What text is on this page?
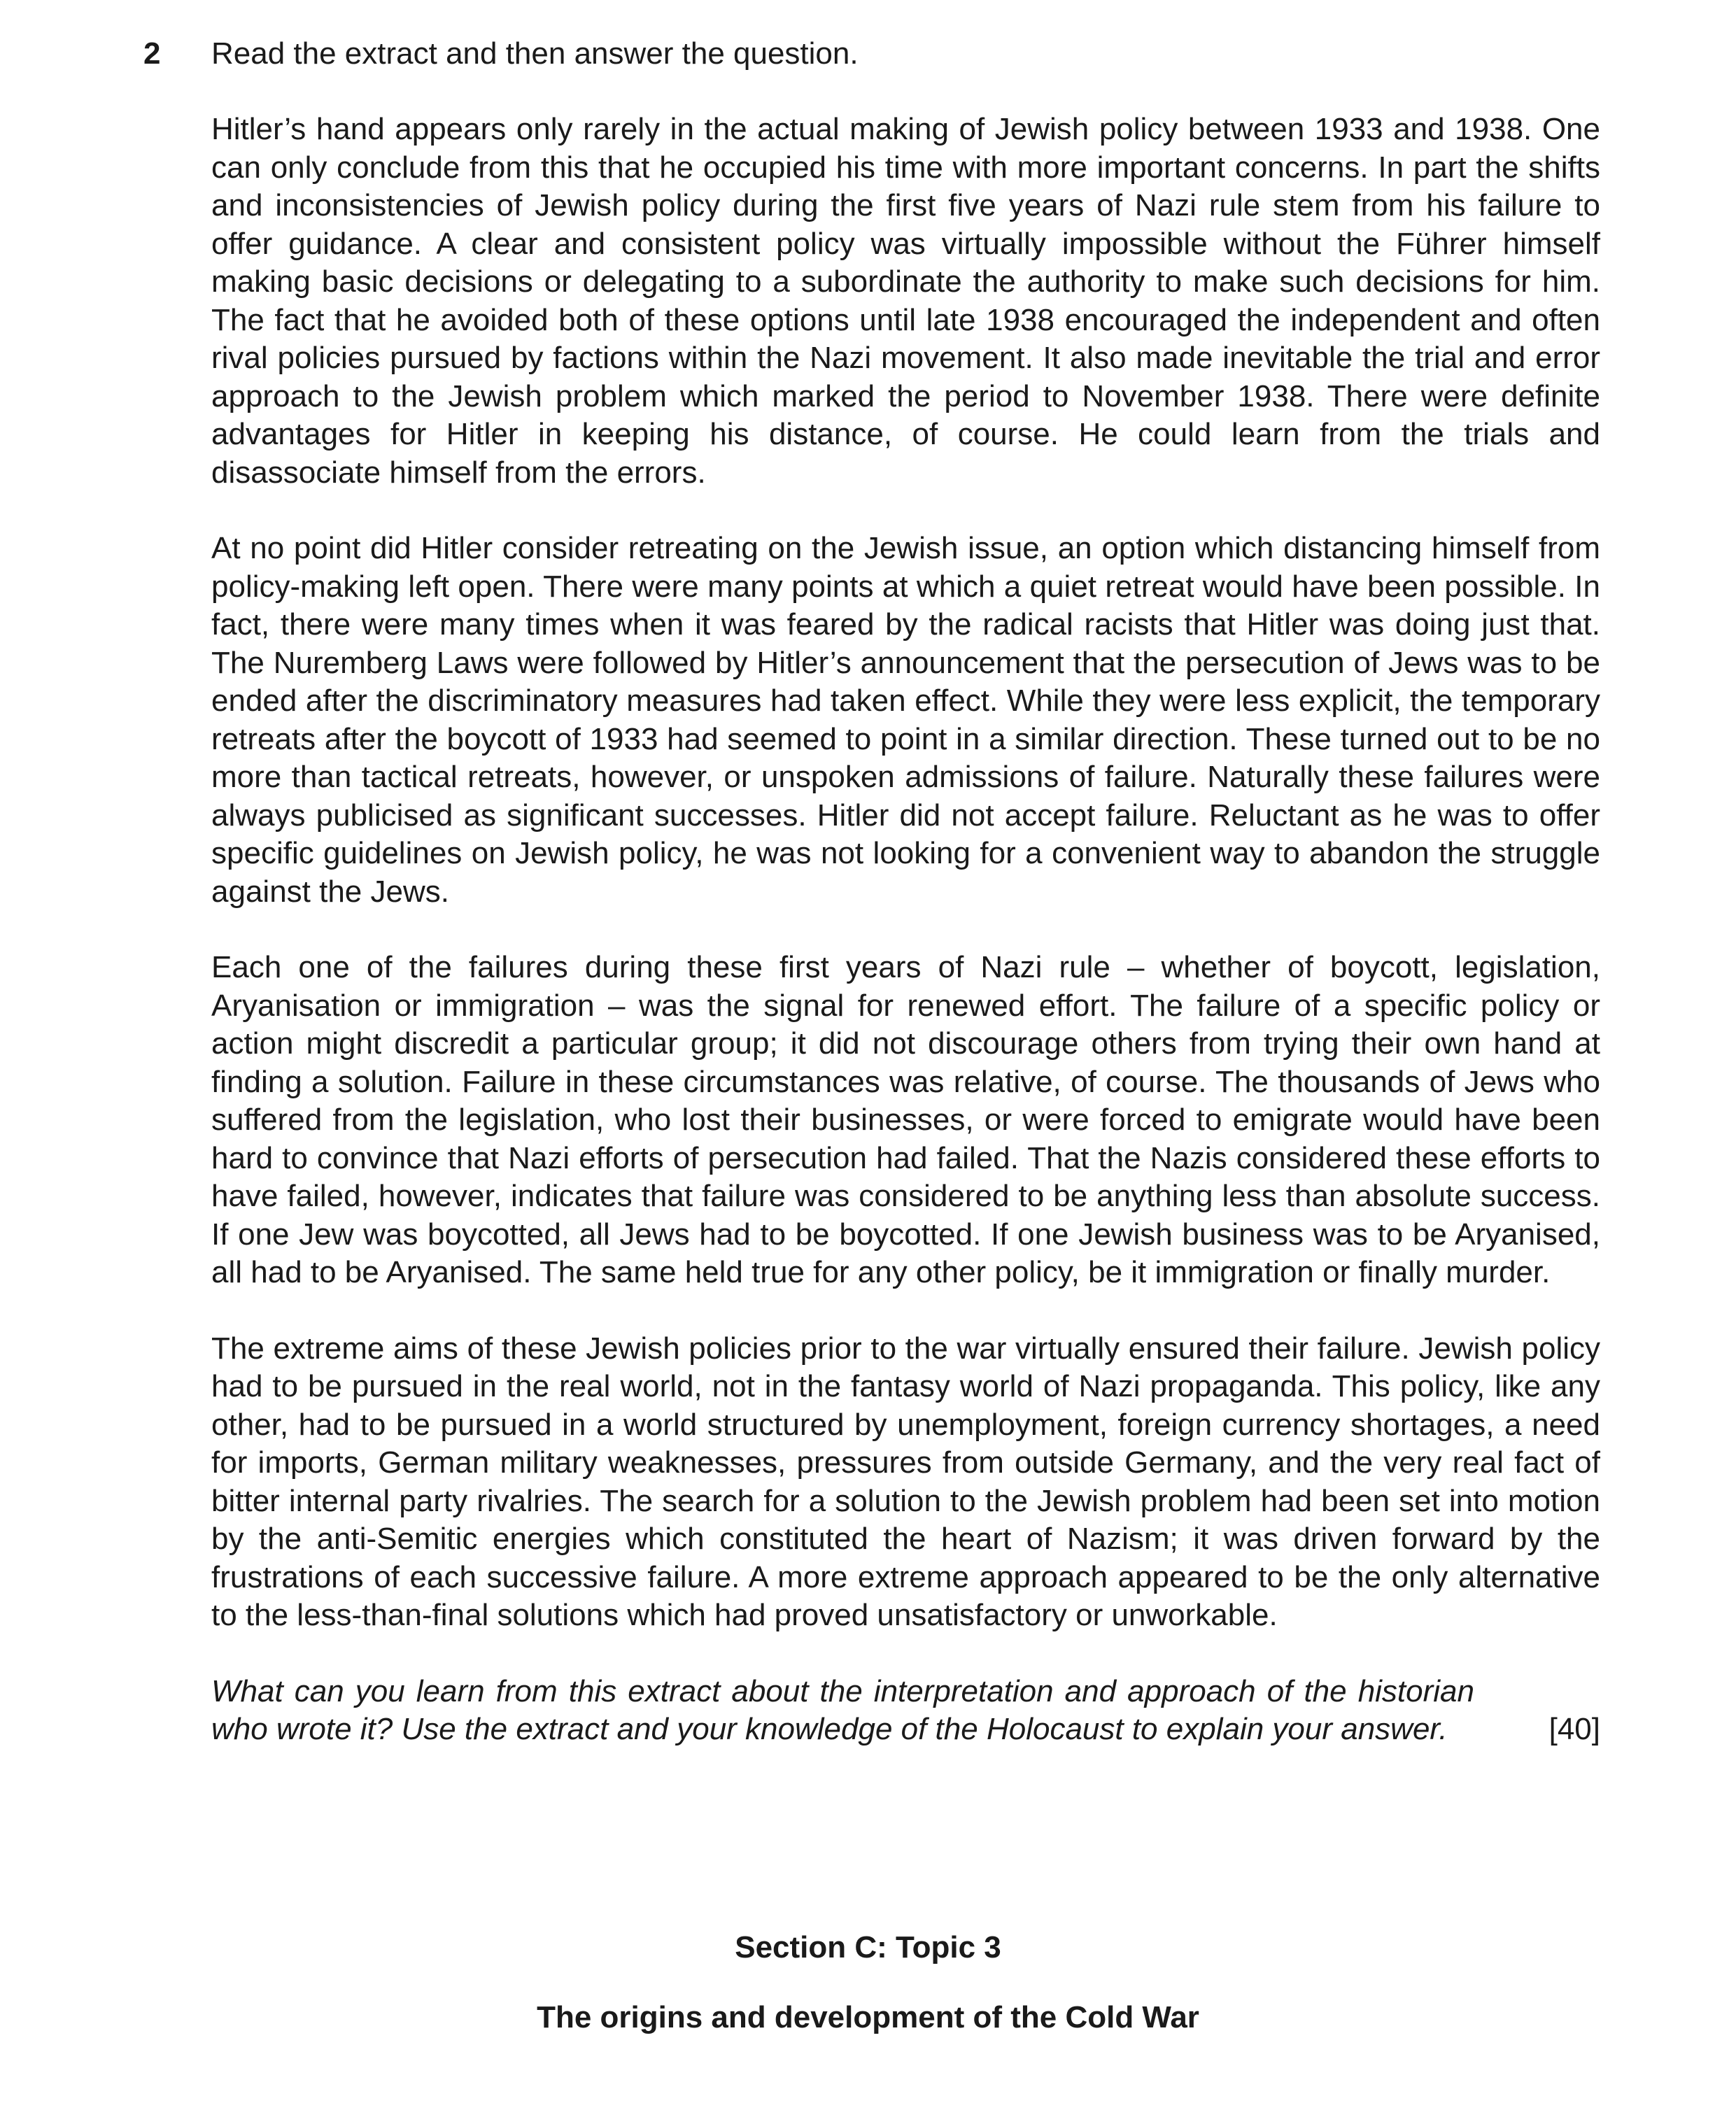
2 Read the extract and then answer the question.

Hitler’s hand appears only rarely in the actual making of Jewish policy between 1933 and 1938. One can only conclude from this that he occupied his time with more important concerns. In part the shifts and inconsistencies of Jewish policy during the first five years of Nazi rule stem from his failure to offer guidance. A clear and consistent policy was virtually impossible without the Führer himself making basic decisions or delegating to a subordinate the authority to make such decisions for him. The fact that he avoided both of these options until late 1938 encouraged the independent and often rival policies pursued by factions within the Nazi movement. It also made inevitable the trial and error approach to the Jewish problem which marked the period to November 1938. There were definite advantages for Hitler in keeping his distance, of course. He could learn from the trials and disassociate himself from the errors.

At no point did Hitler consider retreating on the Jewish issue, an option which distancing himself from policy-making left open. There were many points at which a quiet retreat would have been possible. In fact, there were many times when it was feared by the radical racists that Hitler was doing just that. The Nuremberg Laws were followed by Hitler’s announcement that the persecution of Jews was to be ended after the discriminatory measures had taken effect. While they were less explicit, the temporary retreats after the boycott of 1933 had seemed to point in a similar direction. These turned out to be no more than tactical retreats, however, or unspoken admissions of failure. Naturally these failures were always publicised as significant successes. Hitler did not accept failure. Reluctant as he was to offer specific guidelines on Jewish policy, he was not looking for a convenient way to abandon the struggle against the Jews.

Each one of the failures during these first years of Nazi rule – whether of boycott, legislation, Aryanisation or immigration – was the signal for renewed effort. The failure of a specific policy or action might discredit a particular group; it did not discourage others from trying their own hand at finding a solution. Failure in these circumstances was relative, of course. The thousands of Jews who suffered from the legislation, who lost their businesses, or were forced to emigrate would have been hard to convince that Nazi efforts of persecution had failed. That the Nazis considered these efforts to have failed, however, indicates that failure was considered to be anything less than absolute success. If one Jew was boycotted, all Jews had to be boycotted. If one Jewish business was to be Aryanised, all had to be Aryanised. The same held true for any other policy, be it immigration or finally murder.

The extreme aims of these Jewish policies prior to the war virtually ensured their failure. Jewish policy had to be pursued in the real world, not in the fantasy world of Nazi propaganda. This policy, like any other, had to be pursued in a world structured by unemployment, foreign currency shortages, a need for imports, German military weaknesses, pressures from outside Germany, and the very real fact of bitter internal party rivalries. The search for a solution to the Jewish problem had been set into motion by the anti-Semitic energies which constituted the heart of Nazism; it was driven forward by the frustrations of each successive failure. A more extreme approach appeared to be the only alternative to the less-than-final solutions which had proved unsatisfactory or unworkable.

What can you learn from this extract about the interpretation and approach of the historian who wrote it? Use the extract and your knowledge of the Holocaust to explain your answer.	[40]
Section C: Topic 3
The origins and development of the Cold War
